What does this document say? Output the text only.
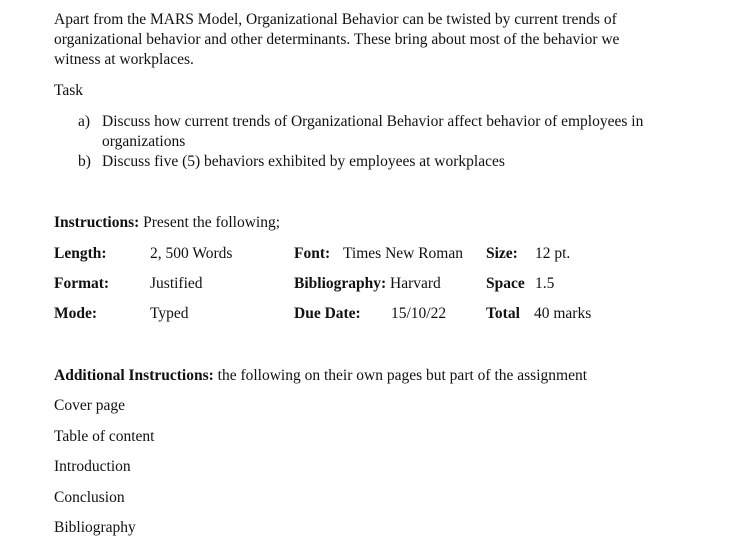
Apart from the MARS Model, Organizational Behavior can be twisted by current trends of
organizational behavior and other determinants. These bring about most of the behavior we
witness at workplaces.
Task
a) Discuss how current trends of Organizational Behavior affect behavior of employees in
organizations
b) Discuss five (5) behaviors exhibited by employees at workplaces
Instructions: Present the following;
Length:	2, 500 Words	Font: Times New Roman Size: 12 pt.
Format:	Justified	Bibliography: Harvard	Space 1.5
Mode:	Typed	Due Date: 15/10/22	Total 40 marks
Additional Instructions: the following on their own pages but part of the assignment
Cover page
Table of content
Introduction
Conclusion
Bibliography
